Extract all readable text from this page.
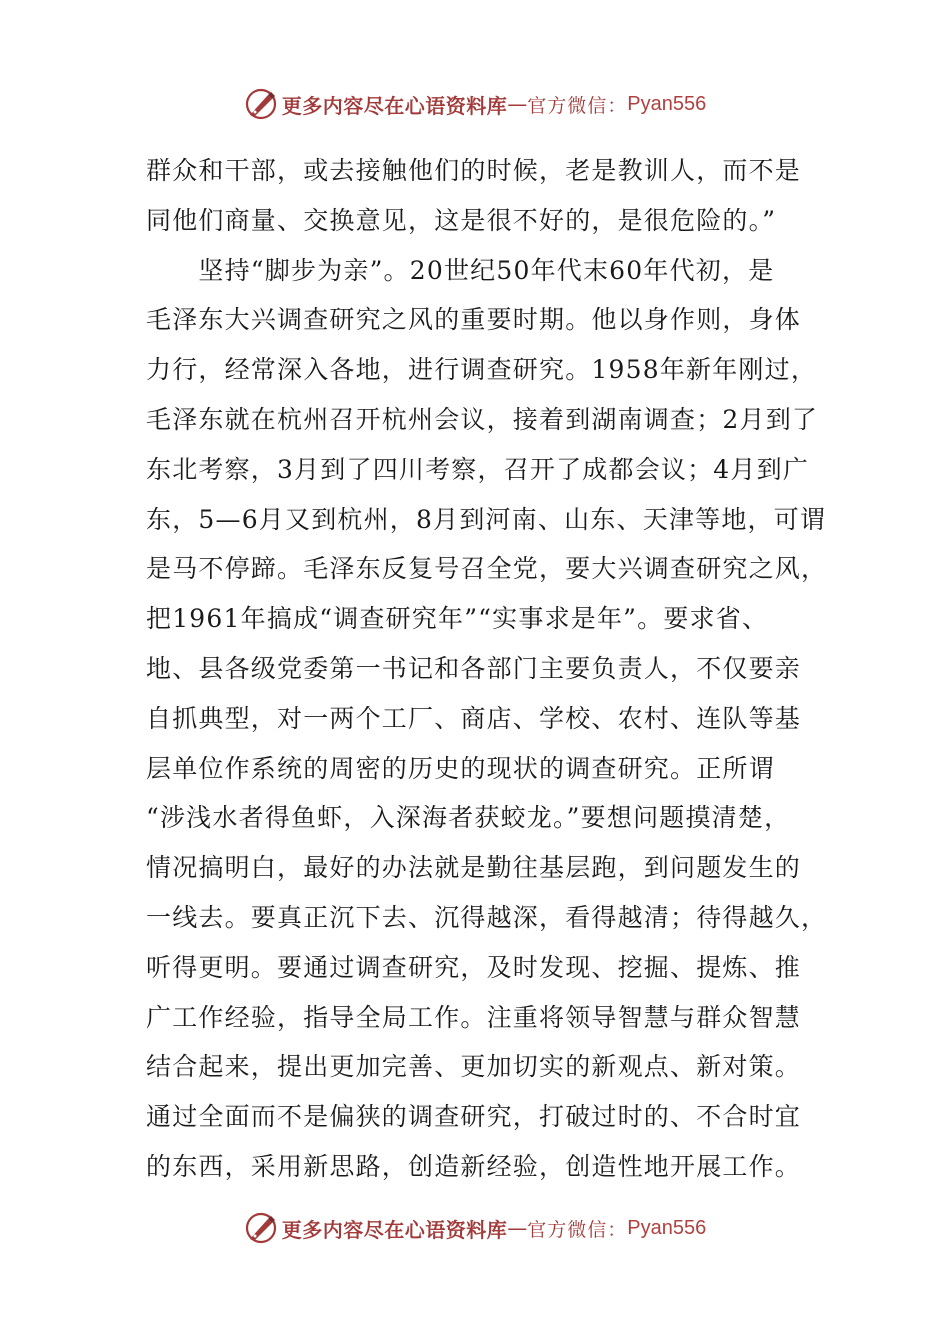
更多内容尽在心语资料库 — 官方微信： Pyan556
群众和干部，或去接触他们的时候，老是教训人，而不是
同他们商量、交换意见，这是很不好的，是很危险的。”
　　坚持“脚步为亲”。20世纪50年代末60年代初，是
毛泽东大兴调查研究之风的重要时期。他以身作则，身体
力行，经常深入各地，进行调查研究。1958年新年刚过，
毛泽东就在杭州召开杭州会议，接着到湖南调查；2月到了
东北考察，3月到了四川考察，召开了成都会议；4月到广
东，5—6月又到杭州，8月到河南、山东、天津等地，可谓
是马不停蹄。毛泽东反复号召全党，要大兴调查研究之风，
把1961年搞成“调查研究年”“实事求是年”。要求省、
地、县各级党委第一书记和各部门主要负责人，不仅要亲
自抓典型，对一两个工厂、商店、学校、农村、连队等基
层单位作系统的周密的历史的现状的调查研究。正所谓
“涉浅水者得鱼虾，入深海者获蛟龙。”要想问题摸清楚，
情况搞明白，最好的办法就是勤往基层跑，到问题发生的
一线去。要真正沉下去、沉得越深，看得越清；待得越久，
听得更明。要通过调查研究，及时发现、挖掘、提炼、推
广工作经验，指导全局工作。注重将领导智慧与群众智慧
结合起来，提出更加完善、更加切实的新观点、新对策。
通过全面而不是偏狭的调查研究，打破过时的、不合时宜
的东西，采用新思路，创造新经验，创造性地开展工作。
更多内容尽在心语资料库 — 官方微信： Pyan556
